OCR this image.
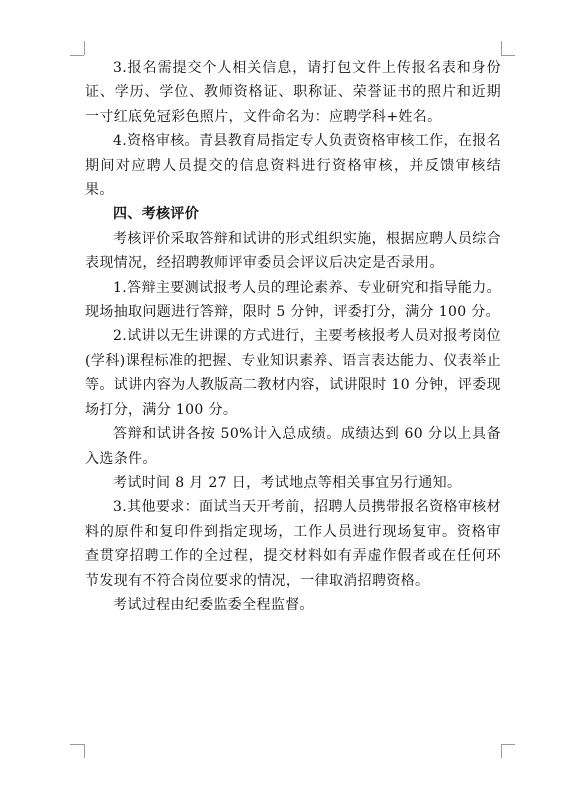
3.报名需提交个人相关信息，请打包文件上传报名表和身份证、学历、学位、教师资格证、职称证、荣誉证书的照片和近期一寸红底免冠彩色照片，文件命名为：应聘学科+姓名。

4.资格审核。青县教育局指定专人负责资格审核工作，在报名期间对应聘人员提交的信息资料进行资格审核，并反馈审核结果。

四、考核评价

考核评价采取答辩和试讲的形式组织实施，根据应聘人员综合表现情况，经招聘教师评审委员会评议后决定是否录用。

1.答辩主要测试报考人员的理论素养、专业研究和指导能力。现场抽取问题进行答辩，限时 5 分钟，评委打分，满分 100 分。

2.试讲以无生讲课的方式进行，主要考核报考人员对报考岗位(学科)课程标准的把握、专业知识素养、语言表达能力、仪表举止等。试讲内容为人教版高二教材内容，试讲限时 10 分钟，评委现场打分，满分 100 分。

答辩和试讲各按 50%计入总成绩。成绩达到 60 分以上具备入选条件。

考试时间 8 月 27 日，考试地点等相关事宜另行通知。

3.其他要求：面试当天开考前，招聘人员携带报名资格审核材料的原件和复印件到指定现场，工作人员进行现场复审。资格审查贯穿招聘工作的全过程，提交材料如有弄虚作假者或在任何环节发现有不符合岗位要求的情况，一律取消招聘资格。

考试过程由纪委监委全程监督。
